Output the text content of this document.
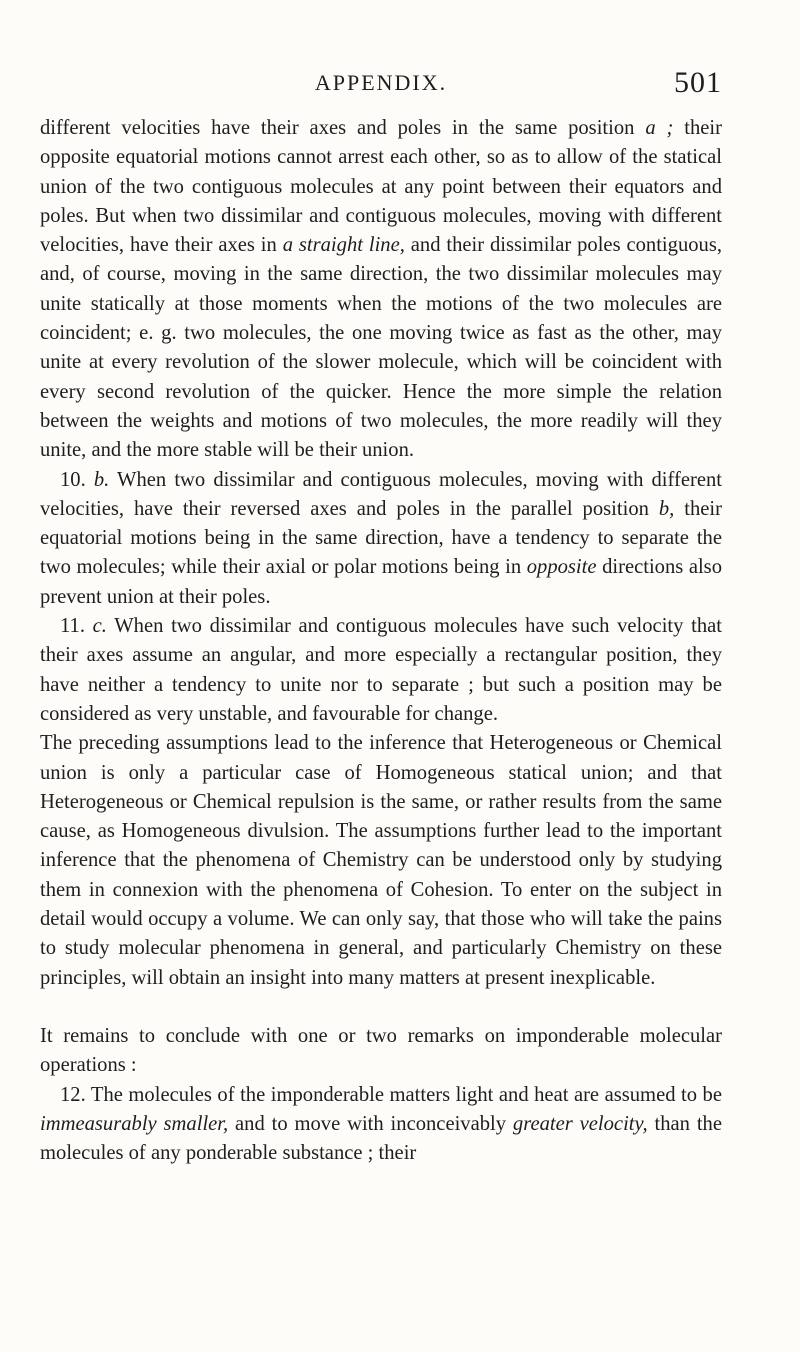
APPENDIX.	501

different velocities have their axes and poles in the same position a ; their opposite equatorial motions cannot arrest each other, so as to allow of the statical union of the two contiguous molecules at any point between their equators and poles. But when two dissimilar and contiguous molecules, moving with different velocities, have their axes in a straight line, and their dissimilar poles contiguous, and, of course, moving in the same direction, the two dissimilar molecules may unite statically at those moments when the motions of the two molecules are coincident; e. g. two molecules, the one moving twice as fast as the other, may unite at every revolution of the slower molecule, which will be coincident with every second revolution of the quicker. Hence the more simple the relation between the weights and motions of two molecules, the more readily will they unite, and the more stable will be their union.

10. b. When two dissimilar and contiguous molecules, moving with different velocities, have their reversed axes and poles in the parallel position b, their equatorial motions being in the same direction, have a tendency to separate the two molecules; while their axial or polar motions being in opposite directions also prevent union at their poles.

11. c. When two dissimilar and contiguous molecules have such velocity that their axes assume an angular, and more especially a rectangular position, they have neither a tendency to unite nor to separate ; but such a position may be considered as very unstable, and favourable for change.

The preceding assumptions lead to the inference that Heterogeneous or Chemical union is only a particular case of Homogeneous statical union; and that Heterogeneous or Chemical repulsion is the same, or rather results from the same cause, as Homogeneous divulsion. The assumptions further lead to the important inference that the phenomena of Chemistry can be understood only by studying them in connexion with the phenomena of Cohesion. To enter on the subject in detail would occupy a volume. We can only say, that those who will take the pains to study molecular phenomena in general, and particularly Chemistry on these principles, will obtain an insight into many matters at present inexplicable.

It remains to conclude with one or two remarks on imponderable molecular operations :

12. The molecules of the imponderable matters light and heat are assumed to be immeasurably smaller, and to move with inconceivably greater velocity, than the molecules of any ponderable substance ; their
